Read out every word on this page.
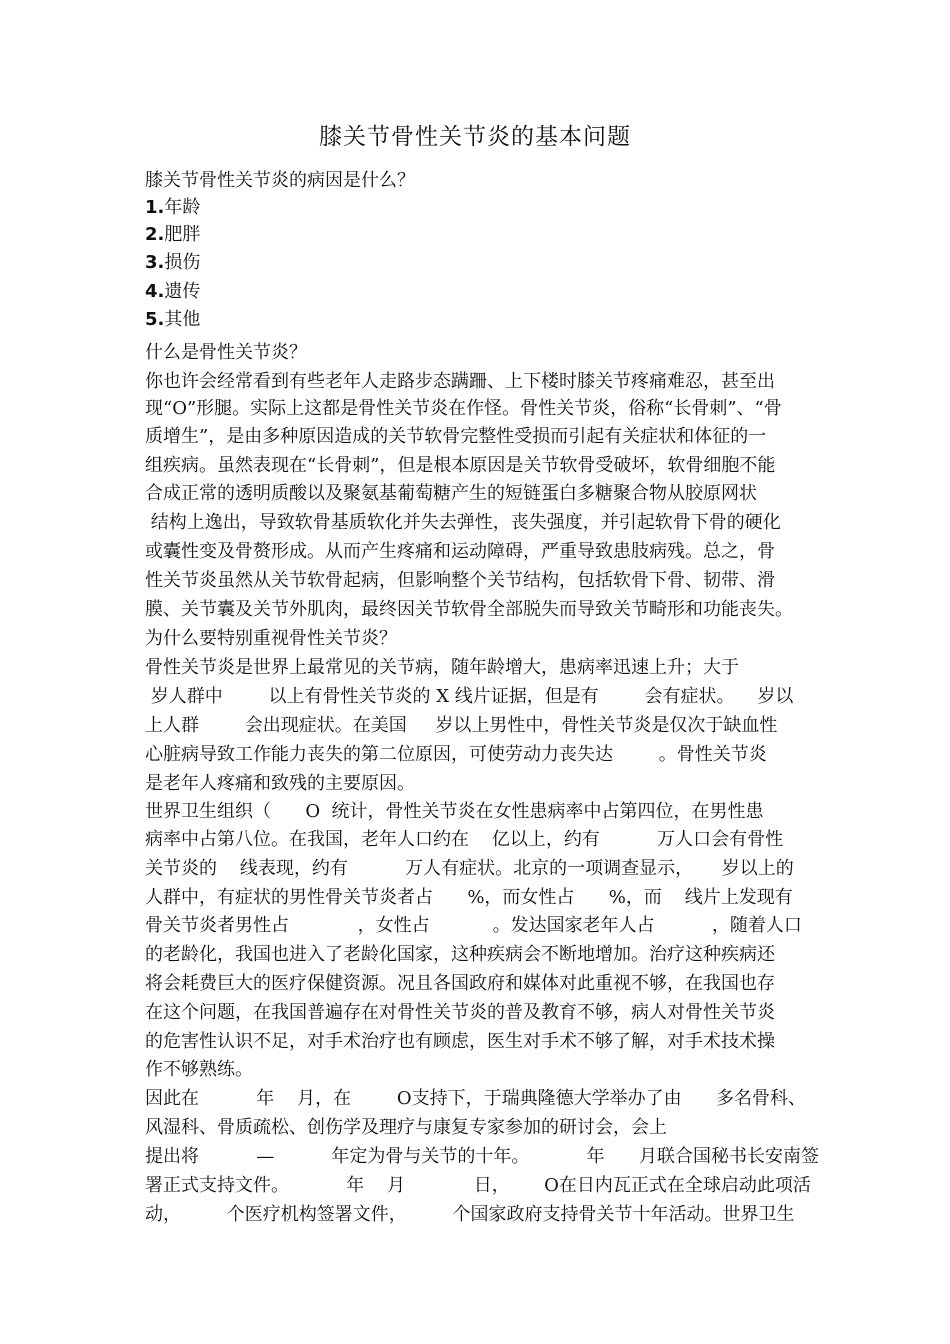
膝关节骨性关节炎的基本问题
膝关节骨性关节炎的病因是什么？
1.年龄
2.肥胖
3.损伤
4.遗传
5.其他
什么是骨性关节炎？
你也许会经常看到有些老年人走路步态蹒跚、上下楼时膝关节疼痛难忍，甚至出
现“O”形腿。实际上这都是骨性关节炎在作怪。骨性关节炎，俗称“长骨刺”、“骨
质增生”，是由多种原因造成的关节软骨完整性受损而引起有关症状和体征的一
组疾病。虽然表现在“长骨刺”，但是根本原因是关节软骨受破坏，软骨细胞不能
合成正常的透明质酸以及聚氨基葡萄糖产生的短链蛋白多糖聚合物从胶原网状
结构上逸出，导致软骨基质软化并失去弹性，丧失强度，并引起软骨下骨的硬化
或囊性变及骨赘形成。从而产生疼痛和运动障碍，严重导致患肢病残。总之，骨
性关节炎虽然从关节软骨起病，但影响整个关节结构，包括软骨下骨、韧带、滑
膜、关节囊及关节外肌肉，最终因关节软骨全部脱失而导致关节畸形和功能丧失。
为什么要特别重视骨性关节炎？
骨性关节炎是世界上最常见的关节病，随年龄增大，患病率迅速上升；大于
岁人群中        以上有骨性关节炎的 X 线片证据，但是有        会有症状。    岁以
上人群        会出现症状。在美国     岁以上男性中，骨性关节炎是仅次于缺血性
心脏病导致工作能力丧失的第二位原因，可使劳动力丧失达        。骨性关节炎
是老年人疼痛和致残的主要原因。
世界卫生组织（      O  统计，骨性关节炎在女性患病率中占第四位，在男性患
病率中占第八位。在我国，老年人口约在    亿以上，约有          万人口会有骨性
关节炎的    线表现，约有          万人有症状。北京的一项调查显示，     岁以上的
人群中，有症状的男性骨关节炎者占      %，而女性占      %，而    线片上发现有
骨关节炎者男性占            ，女性占           。发达国家老年人占          ，随着人口
的老龄化，我国也进入了老龄化国家，这种疾病会不断地增加。治疗这种疾病还
将会耗费巨大的医疗保健资源。况且各国政府和媒体对此重视不够，在我国也存
在这个问题，在我国普遍存在对骨性关节炎的普及教育不够，病人对骨性关节炎
的危害性认识不足，对手术治疗也有顾虑，医生对手术不够了解，对手术技术操
作不够熟练。
因此在          年    月，在        O支持下，于瑞典隆德大学举办了由      多名骨科、
风湿科、骨质疏松、创伤学及理疗与康复专家参加的研讨会，会上
提出将          —          年定为骨与关节的十年。          年      月联合国秘书长安南签
署正式支持文件。          年    月            日，      O在日内瓦正式在全球启动此项活
动，        个医疗机构签署文件，        个国家政府支持骨关节十年活动。世界卫生
